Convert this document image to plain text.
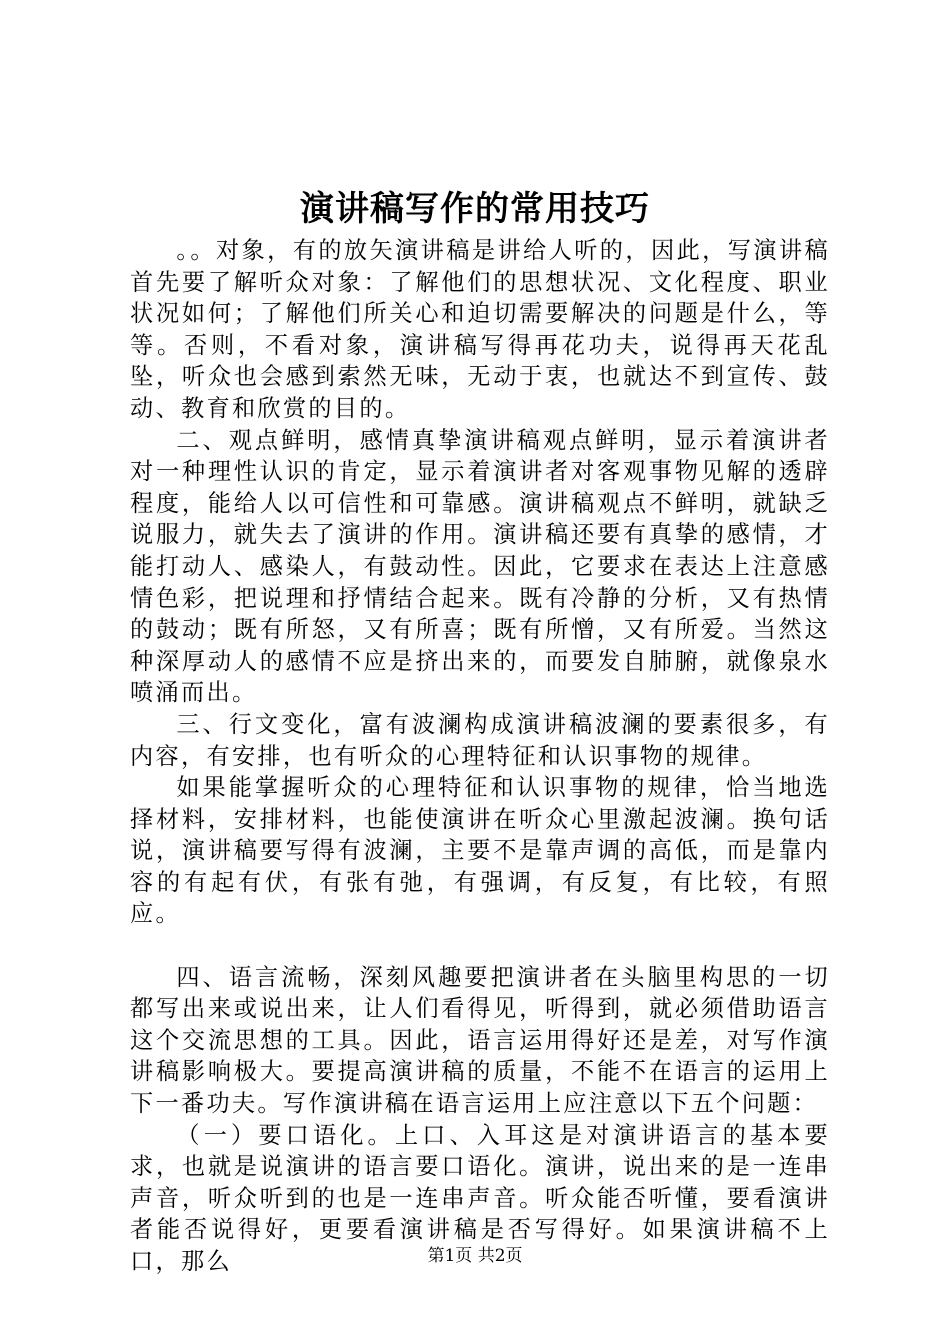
演讲稿写作的常用技巧

。。对象，有的放矢演讲稿是讲给人听的，因此，写演讲稿首先要了解听众对象：了解他们的思想状况、文化程度、职业状况如何；了解他们所关心和迫切需要解决的问题是什么，等等。否则，不看对象，演讲稿写得再花功夫，说得再天花乱坠，听众也会感到索然无味，无动于衷，也就达不到宣传、鼓动、教育和欣赏的目的。

二、观点鲜明，感情真挚演讲稿观点鲜明，显示着演讲者对一种理性认识的肯定，显示着演讲者对客观事物见解的透辟程度，能给人以可信性和可靠感。演讲稿观点不鲜明，就缺乏说服力，就失去了演讲的作用。演讲稿还要有真挚的感情，才能打动人、感染人，有鼓动性。因此，它要求在表达上注意感情色彩，把说理和抒情结合起来。既有冷静的分析，又有热情的鼓动；既有所怒，又有所喜；既有所憎，又有所爱。当然这种深厚动人的感情不应是挤出来的，而要发自肺腑，就像泉水喷涌而出。

三、行文变化，富有波澜构成演讲稿波澜的要素很多，有内容，有安排，也有听众的心理特征和认识事物的规律。

如果能掌握听众的心理特征和认识事物的规律，恰当地选择材料，安排材料，也能使演讲在听众心里激起波澜。换句话说，演讲稿要写得有波澜，主要不是靠声调的高低，而是靠内容的有起有伏，有张有弛，有强调，有反复，有比较，有照应。

四、语言流畅，深刻风趣要把演讲者在头脑里构思的一切都写出来或说出来，让人们看得见，听得到，就必须借助语言这个交流思想的工具。因此，语言运用得好还是差，对写作演讲稿影响极大。要提高演讲稿的质量，不能不在语言的运用上下一番功夫。写作演讲稿在语言运用上应注意以下五个问题：

（一）要口语化。上口、入耳这是对演讲语言的基本要求，也就是说演讲的语言要口语化。演讲，说出来的是一连串声音，听众听到的也是一连串声音。听众能否听懂，要看演讲者能否说得好，更要看演讲稿是否写得好。如果演讲稿不上口，那么	第1页 共2页
